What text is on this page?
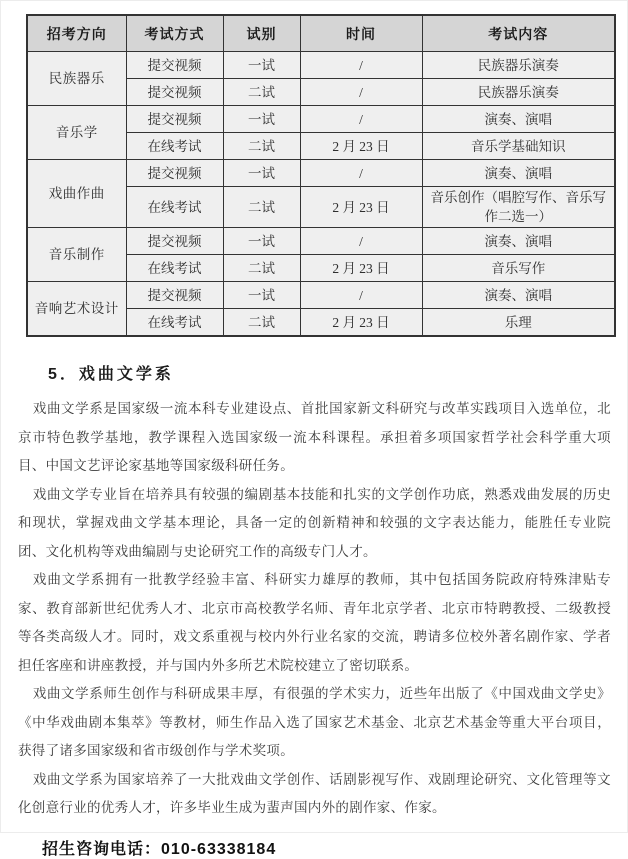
招考方向	考试方式	试别	时间	考试内容
民族器乐	提交视频	一试	/	民族器乐演奏
	提交视频	二试	/	民族器乐演奏
音乐学	提交视频	一试	/	演奏、演唱
	在线考试	二试	2 月 23 日	音乐学基础知识
戏曲作曲	提交视频	一试	/	演奏、演唱
	在线考试	二试	2 月 23 日	音乐创作（唱腔写作、音乐写作二选一）
音乐制作	提交视频	一试	/	演奏、演唱
	在线考试	二试	2 月 23 日	音乐写作
音响艺术设计	提交视频	一试	/	演奏、演唱
	在线考试	二试	2 月 23 日	乐理
5．戏曲文学系

戏曲文学系是国家级一流本科专业建设点、首批国家新文科研究与改革实践项目入选单位，北京市特色教学基地，教学课程入选国家级一流本科课程。承担着多项国家哲学社会科学重大项目、中国文艺评论家基地等国家级科研任务。

戏曲文学专业旨在培养具有较强的编剧基本技能和扎实的文学创作功底，熟悉戏曲发展的历史和现状，掌握戏曲文学基本理论，具备一定的创新精神和较强的文字表达能力，能胜任专业院团、文化机构等戏曲编剧与史论研究工作的高级专门人才。

戏曲文学系拥有一批教学经验丰富、科研实力雄厚的教师，其中包括国务院政府特殊津贴专家、教育部新世纪优秀人才、北京市高校教学名师、青年北京学者、北京市特聘教授、二级教授等各类高级人才。同时，戏文系重视与校内外行业名家的交流，聘请多位校外著名剧作家、学者担任客座和讲座教授，并与国内外多所艺术院校建立了密切联系。

戏曲文学系师生创作与科研成果丰厚，有很强的学术实力，近些年出版了《中国戏曲文学史》《中华戏曲剧本集萃》等教材，师生作品入选了国家艺术基金、北京艺术基金等重大平台项目，获得了诸多国家级和省市级创作与学术奖项。

戏曲文学系为国家培养了一大批戏曲文学创作、话剧影视写作、戏剧理论研究、文化管理等文化创意行业的优秀人才，许多毕业生成为蜚声国内外的剧作家、作家。

招生咨询电话：010-63338184
